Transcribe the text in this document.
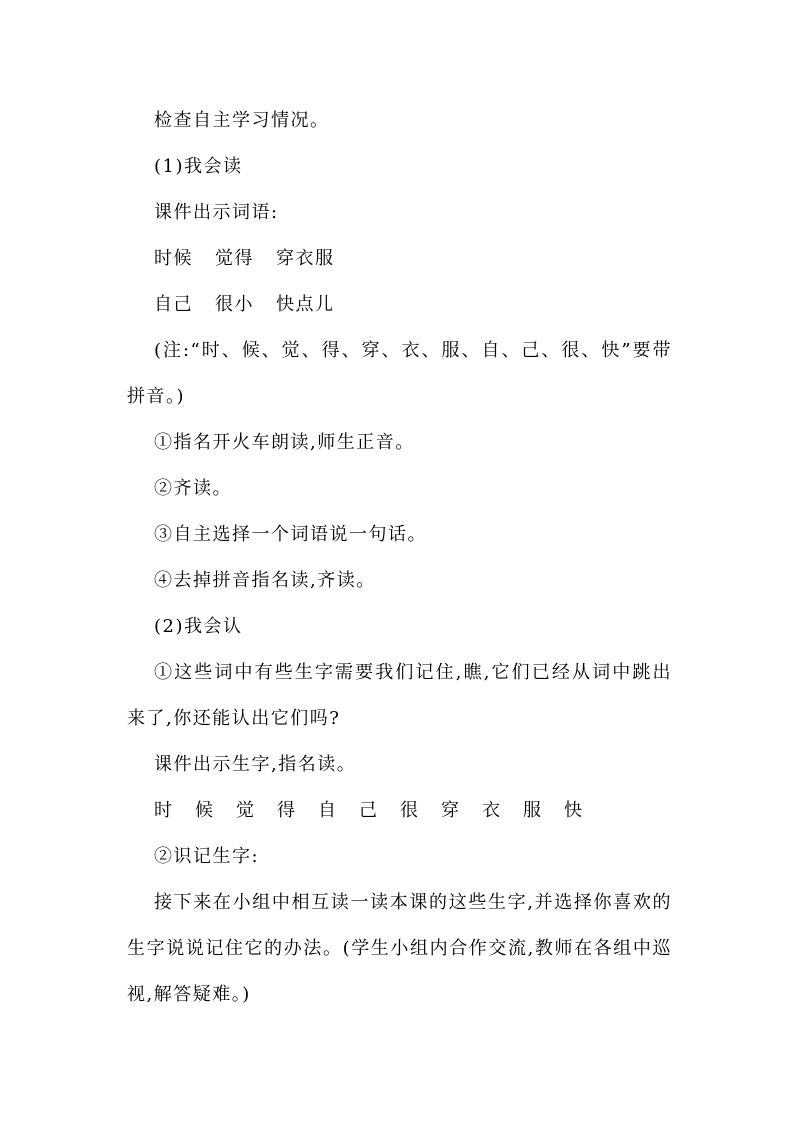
检查自主学习情况。

(1)我会读

课件出示词语:

时候 觉得 穿衣服

自己 很小 快点儿

(注:“时、候、觉、得、穿、衣、服、自、己、很、快”要带拼音。)

①指名开火车朗读,师生正音。

②齐读。

③自主选择一个词语说一句话。

④去掉拼音指名读,齐读。

(2)我会认

①这些词中有些生字需要我们记住,瞧,它们已经从词中跳出来了,你还能认出它们吗?

课件出示生字,指名读。

时 候 觉 得 自 己 很 穿 衣 服 快

②识记生字:

接下来在小组中相互读一读本课的这些生字,并选择你喜欢的生字说说记住它的办法。(学生小组内合作交流,教师在各组中巡视,解答疑难。)
